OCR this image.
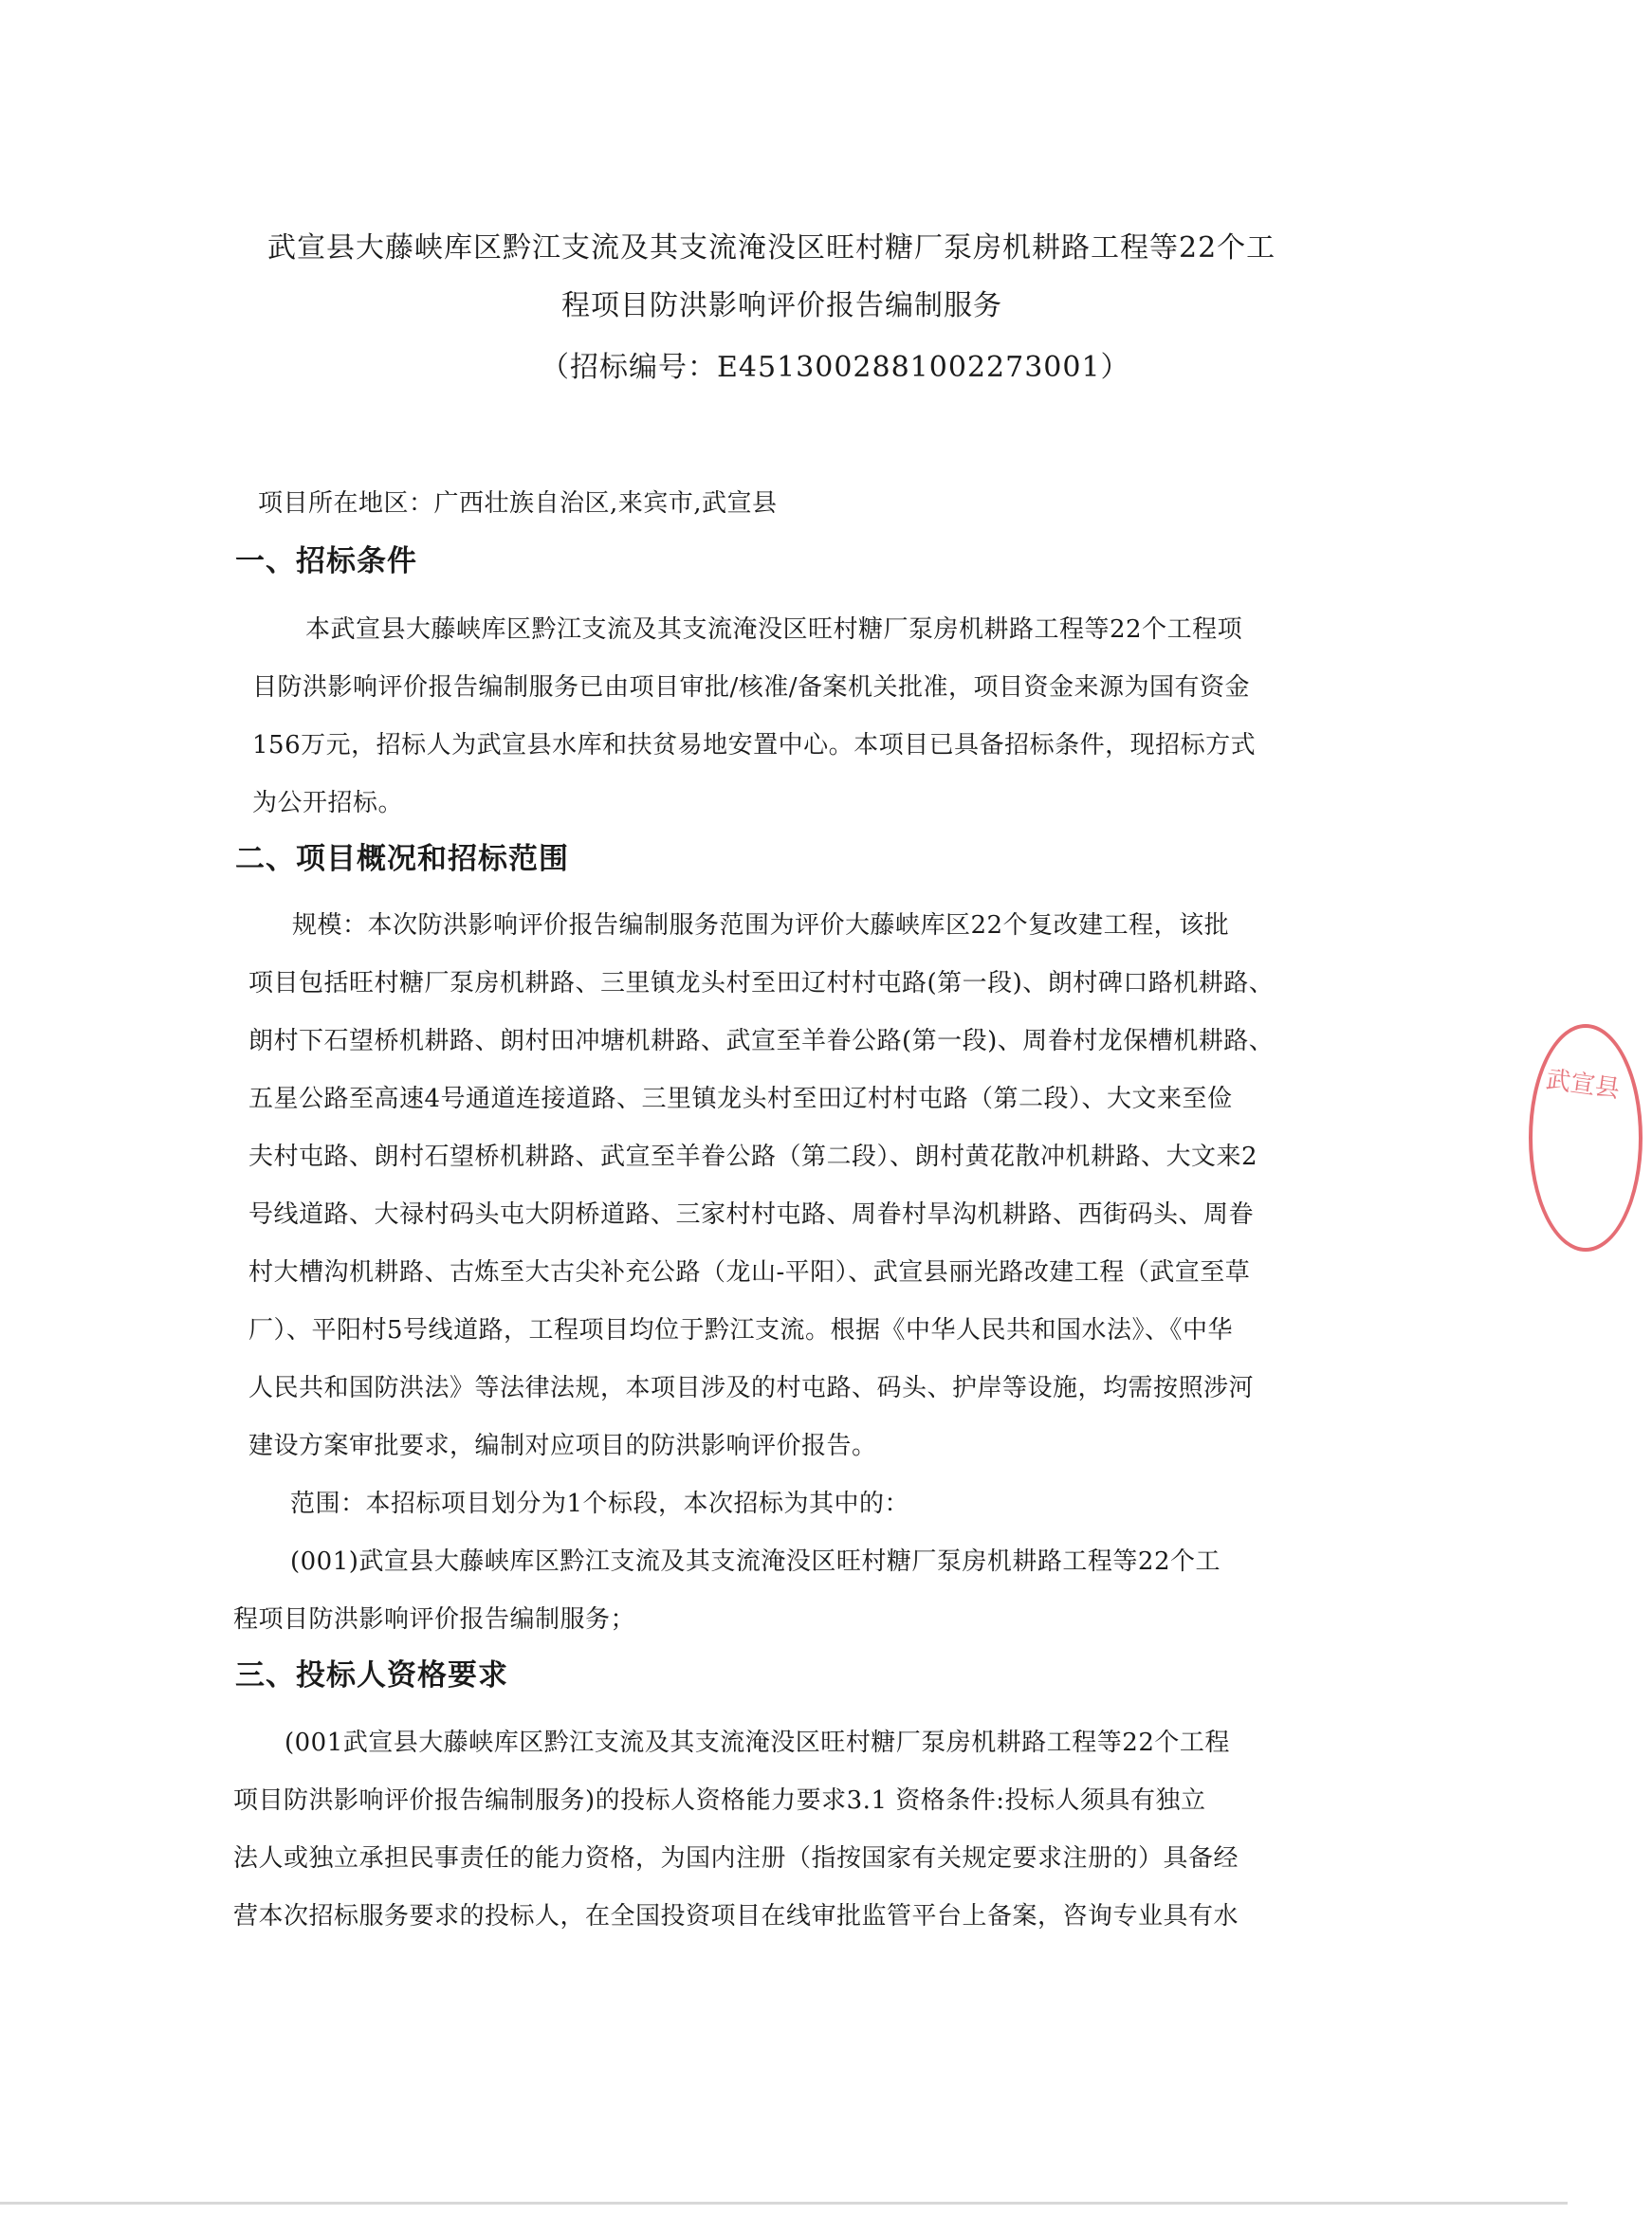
武宣县大藤峡库区黔江支流及其支流淹没区旺村糖厂泵房机耕路工程等22个工
程项目防洪影响评价报告编制服务
（招标编号：E4513002881002273001）
项目所在地区：广西壮族自治区,来宾市,武宣县
一、招标条件
本武宣县大藤峡库区黔江支流及其支流淹没区旺村糖厂泵房机耕路工程等22个工程项
目防洪影响评价报告编制服务已由项目审批/核准/备案机关批准，项目资金来源为国有资金
156万元，招标人为武宣县水库和扶贫易地安置中心。本项目已具备招标条件，现招标方式
为公开招标。
二、项目概况和招标范围
规模：本次防洪影响评价报告编制服务范围为评价大藤峡库区22个复改建工程，该批
项目包括旺村糖厂泵房机耕路、三里镇龙头村至田辽村村屯路(第一段)、朗村碑口路机耕路、
朗村下石望桥机耕路、朗村田冲塘机耕路、武宣至羊眷公路(第一段)、周眷村龙保槽机耕路、
五星公路至高速4号通道连接道路、三里镇龙头村至田辽村村屯路（第二段）、大文来至俭
夫村屯路、朗村石望桥机耕路、武宣至羊眷公路（第二段）、朗村黄花散冲机耕路、大文来2
号线道路、大禄村码头屯大阴桥道路、三家村村屯路、周眷村旱沟机耕路、西街码头、周眷
村大槽沟机耕路、古炼至大古尖补充公路（龙山-平阳）、武宣县丽光路改建工程（武宣至草
厂）、平阳村5号线道路，工程项目均位于黔江支流。根据《中华人民共和国水法》、《中华
人民共和国防洪法》等法律法规，本项目涉及的村屯路、码头、护岸等设施，均需按照涉河
建设方案审批要求，编制对应项目的防洪影响评价报告。
范围：本招标项目划分为1个标段，本次招标为其中的：
(001)武宣县大藤峡库区黔江支流及其支流淹没区旺村糖厂泵房机耕路工程等22个工
程项目防洪影响评价报告编制服务；
三、投标人资格要求
(001武宣县大藤峡库区黔江支流及其支流淹没区旺村糖厂泵房机耕路工程等22个工程
项目防洪影响评价报告编制服务)的投标人资格能力要求3.1 资格条件:投标人须具有独立
法人或独立承担民事责任的能力资格，为国内注册（指按国家有关规定要求注册的）具备经
营本次招标服务要求的投标人，在全国投资项目在线审批监管平台上备案，咨询专业具有水
武宣县
